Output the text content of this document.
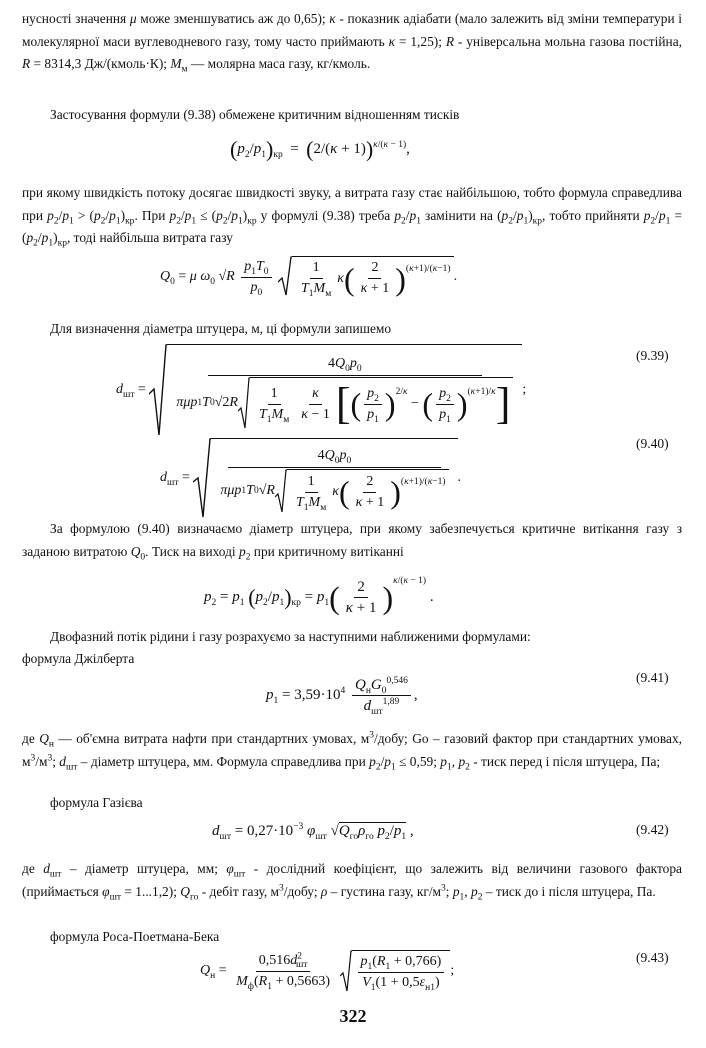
нусності значення μ може зменшуватись аж до 0,65); κ - показник адіабати (мало залежить від зміни температури і молекулярної маси вуглеводневого газу, тому часто приймають κ = 1,25); R - універсальна мольна газова постійна, R = 8314,3 Дж/(кмоль·К); $M_м$ — молярна маса газу, кг/кмоль.
Застосування формули (9.38) обмежене критичним відношенням тисків
$(p_2/p_1)_{кр} = (2/(\kappa + 1))^{\kappa/(\kappa - 1)}$,
при якому швидкість потоку досягає швидкості звуку, а витрата газу стає найбільшою, тобто формула справедлива при $p_2/p_1 > (p_2/p_1)_{кр}$. При $p_2/p_1 \le (p_2/p_1)_{кр}$ у формулі (9.38) треба $p_2/p_1$ замінити на $(p_2/p_1)_{кр}$, тобто прийняти $p_2/p_1 = (p_2/p_1)_{кр}$, тоді найбільша витрата газу
$Q_0 = \mu$ $\omega_0$ $√R \frac{p_1T_0}{p_0}$
$\frac{1}{T_1M_м}$ κ ( $\frac{2}{\kappa + 1} )^{(\kappa+1)/(\kappa-1)}$
.
Для визначення діаметра штуцера, м, ці формули запишемо
$d_{шт}$ =
$4Q_0p_0$
πμp 1 T 0 √2 R $\frac{1}{T_1M_м} \frac{\kappa}{\kappa - 1}$ [ ( $\frac{p_2}{p_1} )^{2/\kappa}$
− ( $\frac{p_2}{p_1} )^{(\kappa+1)/\kappa}$ ] ;
(9.39)
$d_{шт}$ =
$4Q_0p_0$
πμp 1 T 0 √ R $\frac{1}{T_1M_м}$ κ ( $\frac{2}{\kappa + 1} )^{(\kappa+1)/(\kappa-1)}$ .
(9.40)
За формулою (9.40) визначаємо діаметр штуцера, при якому забезпечується критичне витікання газу з заданою витратою $Q_0$. Тиск на виході $p_2$ при критичному витіканні
$p_2 = p_1$ $(p_2/p_1)_{кр} = p_1( \frac{2}{\kappa + 1} )^{\kappa/(\kappa - 1)}$ .
Двофазний потік рідини і газу розрахуємо за наступними наближеними формулами:
формула Джілберта
$p_1 = 3,59\cdot 10^4 \frac{Q_нG_0^{0,546}}{d_{шт}^{1,89}}$ ,
(9.41)
де $Q_н$ — об'ємна витрата нафти при стандартних умовах, $м^3$/добу; Go – газовий фактор при стандартних умовах, $м^3/м^3$; $d_{шт}$ – діаметр штуцера, мм. Формула справедлива при $p_2/p_1 \le 0,59$; $p_1$, $p_2$ - тиск перед і після штуцера, Па;
формула Газієва
$d_{шт} = 0,27\cdot 10^{-3}$ $\varphi_{шт}$ $√Q_{го}\rho_{го}$ $p_2/p_1$ ,	(9.42)
де $d_{шт}$ – діаметр штуцера, мм; $\varphi_{шт}$ - дослідний коефіцієнт, що залежить від величини газового фактора (приймається $\varphi_{шт} = 1...1,2$); $Q_{го}$ - дебіт газу, $м^3$/добу; ρ – густина газу, $кг/м^3$; $p_1$, $p_2$ – тиск до і після штуцера, Па.
формула Роса-Поетмана-Бека
$Q_н = \frac{0,516d^2_{шт}}{M_ф(R_1 + 0,5663)}$
$\frac{p_1(R_1 + 0,766)}{V_1(1 + 0,5\varepsilon_{н1})}$ ;
(9.43)
322
